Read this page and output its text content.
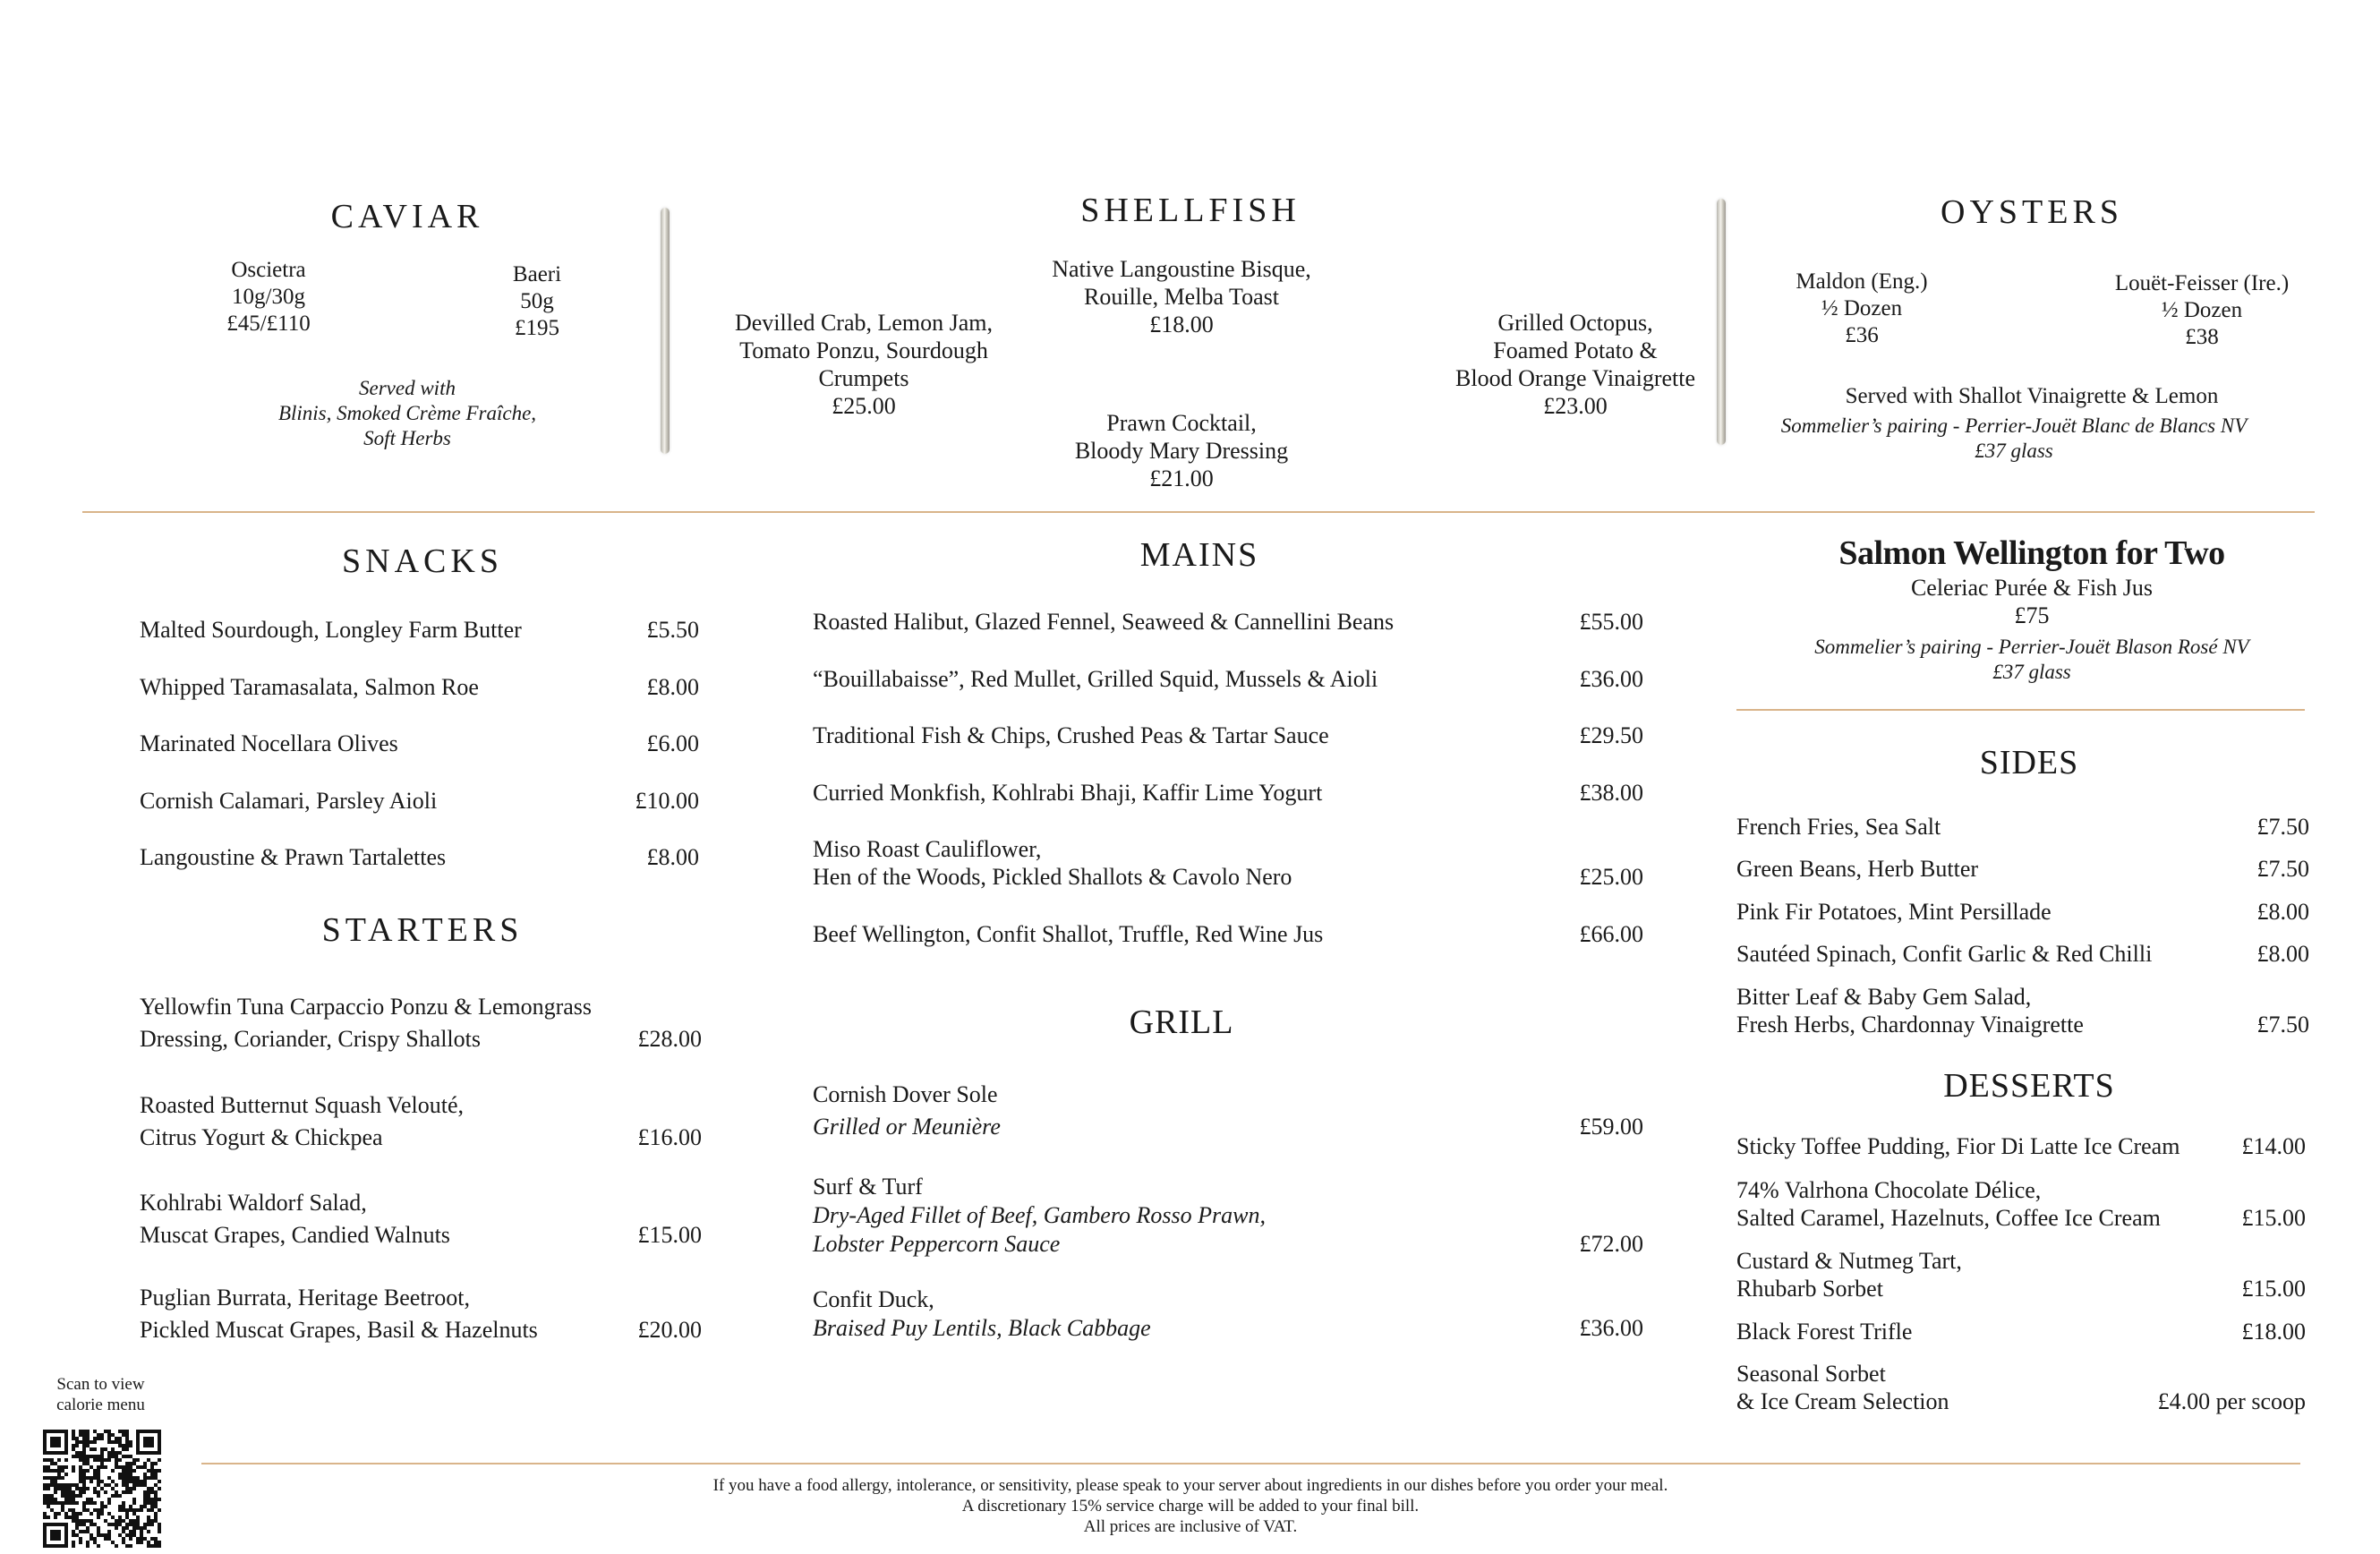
CAVIAR
Oscietra
10g/30g
£45/£110
Baeri
50g
£195
Served with
Blinis, Smoked Crème Fraîche,
Soft Herbs
SHELLFISH
Devilled Crab, Lemon Jam,
Tomato Ponzu, Sourdough
Crumpets
£25.00
Native Langoustine Bisque,
Rouille, Melba Toast
£18.00
Prawn Cocktail,
Bloody Mary Dressing
£21.00
Grilled Octopus,
Foamed Potato &
Blood Orange Vinaigrette
£23.00
OYSTERS
Maldon (Eng.)
½ Dozen
£36
Louët-Feisser (Ire.)
½ Dozen
£38
Served with Shallot Vinaigrette & Lemon
Sommelier’s pairing - Perrier-Jouët Blanc de Blancs NV
£37 glass
SNACKS
Malted Sourdough, Longley Farm Butter	£5.50
Whipped Taramasalata, Salmon Roe	£8.00
Marinated Nocellara Olives	£6.00
Cornish Calamari, Parsley Aioli	£10.00
Langoustine & Prawn Tartalettes	£8.00
STARTERS
Yellowfin Tuna Carpaccio Ponzu & Lemongrass
Dressing, Coriander, Crispy Shallots	£28.00
Roasted Butternut Squash Velouté,
Citrus Yogurt & Chickpea	£16.00
Kohlrabi Waldorf Salad,
Muscat Grapes, Candied Walnuts	£15.00
Puglian Burrata, Heritage Beetroot,
Pickled Muscat Grapes, Basil & Hazelnuts	£20.00
MAINS
Roasted Halibut, Glazed Fennel, Seaweed & Cannellini Beans	£55.00
“Bouillabaisse”, Red Mullet, Grilled Squid, Mussels & Aioli	£36.00
Traditional Fish & Chips, Crushed Peas & Tartar Sauce	£29.50
Curried Monkfish, Kohlrabi Bhaji, Kaffir Lime Yogurt	£38.00
Miso Roast Cauliflower,
Hen of the Woods, Pickled Shallots & Cavolo Nero	£25.00
Beef Wellington, Confit Shallot, Truffle, Red Wine Jus	£66.00
GRILL
Cornish Dover Sole
Grilled or Meunière	£59.00
Surf & Turf
Dry-Aged Fillet of Beef, Gambero Rosso Prawn,
Lobster Peppercorn Sauce	£72.00
Confit Duck,
Braised Puy Lentils, Black Cabbage	£36.00
Salmon Wellington for Two
Celeriac Purée & Fish Jus
£75
Sommelier’s pairing - Perrier-Jouët Blason Rosé NV
£37 glass
SIDES
French Fries, Sea Salt	£7.50
Green Beans, Herb Butter	£7.50
Pink Fir Potatoes, Mint Persillade	£8.00
Sautéed Spinach, Confit Garlic & Red Chilli	£8.00
Bitter Leaf & Baby Gem Salad,
Fresh Herbs, Chardonnay Vinaigrette	£7.50
DESSERTS
Sticky Toffee Pudding, Fior Di Latte Ice Cream	£14.00
74% Valrhona Chocolate Délice,
Salted Caramel, Hazelnuts, Coffee Ice Cream	£15.00
Custard & Nutmeg Tart,
Rhubarb Sorbet	£15.00
Black Forest Trifle	£18.00
Seasonal Sorbet
& Ice Cream Selection	£4.00 per scoop
Scan to view
calorie menu
If you have a food allergy, intolerance, or sensitivity, please speak to your server about ingredients in our dishes before you order your meal.
A discretionary 15% service charge will be added to your final bill.
All prices are inclusive of VAT.
